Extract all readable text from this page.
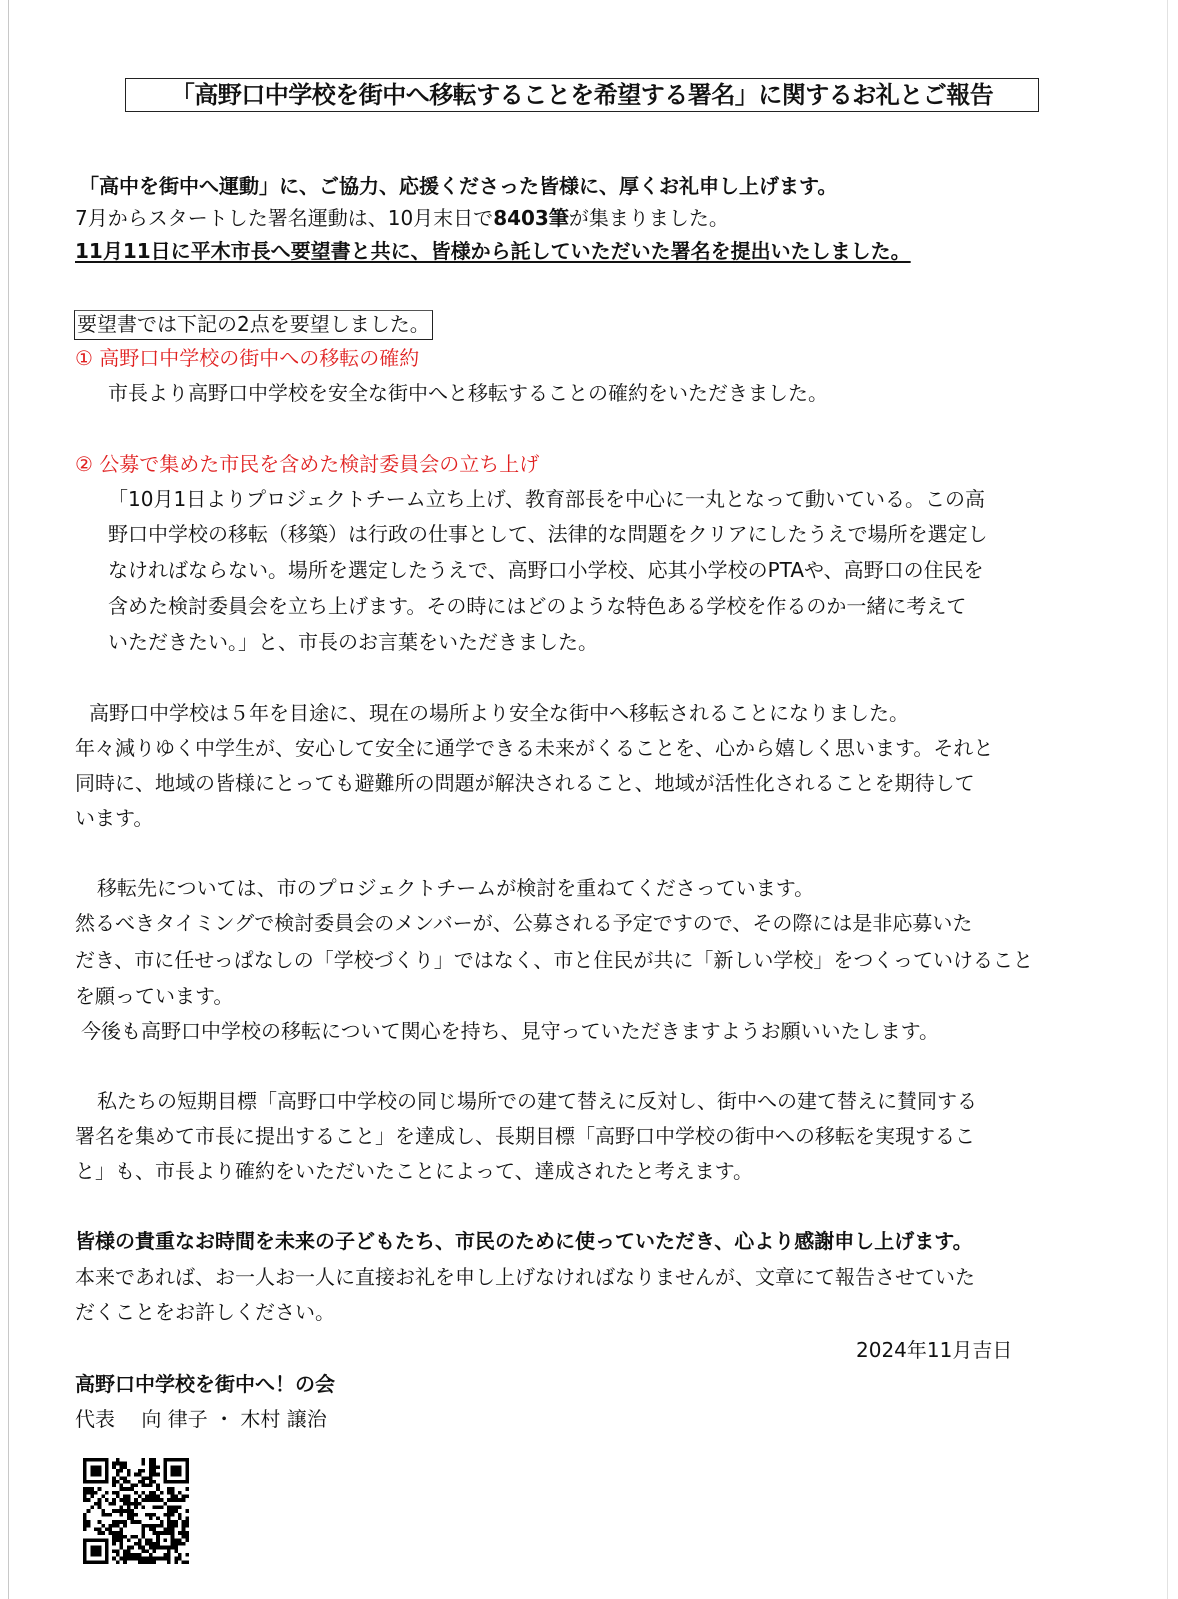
「高野口中学校を街中へ移転することを希望する署名」に関するお礼とご報告
「高中を街中へ運動」に、ご協力、応援くださった皆様に、厚くお礼申し上げます。
7月からスタートした署名運動は、10月末日で8403筆が集まりました。
11月11日に平木市長へ要望書と共に、皆様から託していただいた署名を提出いたしました。
要望書では下記の2点を要望しました。
① 高野口中学校の街中への移転の確約
市長より高野口中学校を安全な街中へと移転することの確約をいただきました。
② 公募で集めた市民を含めた検討委員会の立ち上げ
「10月1日よりプロジェクトチーム立ち上げ、教育部長を中心に一丸となって動いている。この高
野口中学校の移転（移築）は行政の仕事として、法律的な問題をクリアにしたうえで場所を選定し
なければならない。場所を選定したうえで、高野口小学校、応其小学校のPTAや、高野口の住民を
含めた検討委員会を立ち上げます。その時にはどのような特色ある学校を作るのか一緒に考えて
いただきたい。」と、市長のお言葉をいただきました。
高野口中学校は５年を目途に、現在の場所より安全な街中へ移転されることになりました。
年々減りゆく中学生が、安心して安全に通学できる未来がくることを、心から嬉しく思います。それと
同時に、地域の皆様にとっても避難所の問題が解決されること、地域が活性化されることを期待して
います。
移転先については、市のプロジェクトチームが検討を重ねてくださっています。
然るべきタイミングで検討委員会のメンバーが、公募される予定ですので、その際には是非応募いた
だき、市に任せっぱなしの「学校づくり」ではなく、市と住民が共に「新しい学校」をつくっていけること
を願っています。
今後も高野口中学校の移転について関心を持ち、見守っていただきますようお願いいたします。
私たちの短期目標「高野口中学校の同じ場所での建て替えに反対し、街中への建て替えに賛同する
署名を集めて市長に提出すること」を達成し、長期目標「高野口中学校の街中への移転を実現するこ
と」も、市長より確約をいただいたことによって、達成されたと考えます。
皆様の貴重なお時間を未来の子どもたち、市民のために使っていただき、心より感謝申し上げます。
本来であれば、お一人お一人に直接お礼を申し上げなければなりませんが、文章にて報告させていた
だくことをお許しください。
2024年11月吉日
高野口中学校を街中へ！の会
代表　 向 律子 ・ 木村 譲治
